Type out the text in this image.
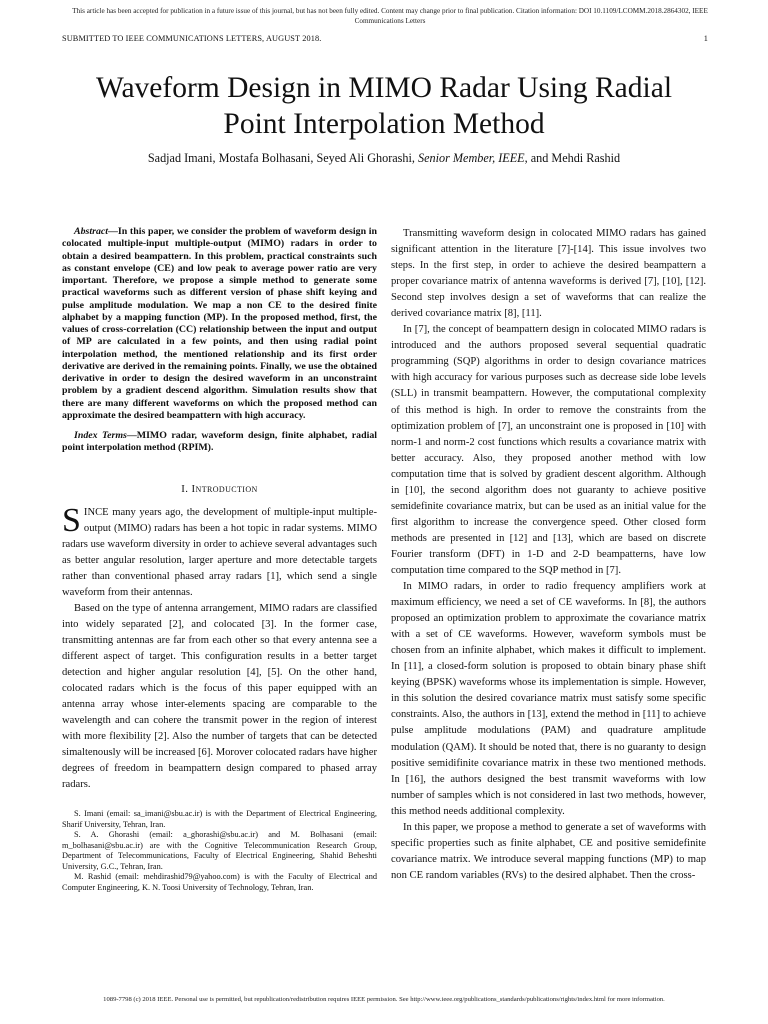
This article has been accepted for publication in a future issue of this journal, but has not been fully edited. Content may change prior to final publication. Citation information: DOI 10.1109/LCOMM.2018.2864302, IEEE
Communications Letters
SUBMITTED TO IEEE COMMUNICATIONS LETTERS, AUGUST 2018.	1
Waveform Design in MIMO Radar Using Radial
Point Interpolation Method
Sadjad Imani, Mostafa Bolhasani, Seyed Ali Ghorashi, Senior Member, IEEE, and Mehdi Rashid

Abstract—In this paper, we consider the problem of waveform design in colocated multiple-input multiple-output (MIMO) radars in order to obtain a desired beampattern. In this problem, practical constraints such as constant envelope (CE) and low peak to average power ratio are very important. Therefore, we propose a simple method to generate some practical waveforms such as different version of phase shift keying and pulse amplitude modulation. We map a non CE to the desired finite alphabet by a mapping function (MP). In the proposed method, first, the values of cross-correlation (CC) relationship between the input and output of MP are calculated in a few points, and then using radial point interpolation method, the mentioned relationship and its first order derivative are derived in the remaining points. Finally, we use the obtained derivative in order to design the desired waveform in an unconstraint problem by a gradient descend algorithm. Simulation results show that there are many different waveforms on which the proposed method can approximate the desired beampattern with high accuracy.

Index Terms—MIMO radar, waveform design, finite alphabet, radial point interpolation method (RPIM).

I. Introduction

SINCE many years ago, the development of multiple-input multiple-output (MIMO) radars has been a hot topic in radar systems. MIMO radars use waveform diversity in order to achieve several advantages such as better angular resolution, larger aperture and more detectable targets rather than conventional phased array radars [1], which send a single waveform from their antennas.

Based on the type of antenna arrangement, MIMO radars are classified into widely separated [2], and colocated [3]. In the former case, transmitting antennas are far from each other so that every antenna see a different aspect of target. This configuration results in a better target detection and higher angular resolution [4], [5]. On the other hand, colocated radars which is the focus of this paper equipped with an antenna array whose inter-elements spacing are comparable to the wavelength and can cohere the transmit power in the region of interest with more flexibility [2]. Also the number of targets that can be detected simaltenously will be increased [6]. Morover colocated radars have higher degrees of freedom in beampattern design compared to phased array radars.

S. Imani (email: sa_imani@sbu.ac.ir) is with the Department of Electrical Engineering, Sharif University, Tehran, Iran.

S. A. Ghorashi (email: a_ghorashi@sbu.ac.ir) and M. Bolhasani (email: m_bolhasani@sbu.ac.ir) are with the Cognitive Telecommunication Research Group, Department of Telecommunications, Faculty of Electrical Engineering, Shahid Beheshti University, G.C., Tehran, Iran.

M. Rashid (email: mehdirashid79@yahoo.com) is with the Faculty of Electrical and Computer Engineering, K. N. Toosi University of Technology, Tehran, Iran.

Transmitting waveform design in colocated MIMO radars has gained significant attention in the literature [7]-[14]. This issue involves two steps. In the first step, in order to achieve the desired beampattern a proper covariance matrix of antenna waveforms is derived [7], [10], [12]. Second step involves design a set of waveforms that can realize the derived covariance matrix [8], [11].

In [7], the concept of beampattern design in colocated MIMO radars is introduced and the authors proposed several sequential quadratic programming (SQP) algorithms in order to design covariance matrices with high accuracy for various purposes such as decrease side lobe levels (SLL) in transmit beampattern. However, the computational complexity of this method is high. In order to remove the constraints from the optimization problem of [7], an unconstraint one is proposed in [10] with norm-1 and norm-2 cost functions which results a covariance matrix with better accuracy. Also, they proposed another method with low computation time that is solved by gradient descent algorithm. Although in [10], the second algorithm does not guaranty to achieve positive semidefinite covariance matrix, but can be used as an initial value for the first algorithm to increase the convergence speed. Other closed form methods are presented in [12] and [13], which are based on discrete Fourier transform (DFT) in 1-D and 2-D beampatterns, have low computation time compared to the SQP method in [7].

In MIMO radars, in order to radio frequency amplifiers work at maximum efficiency, we need a set of CE waveforms. In [8], the authors proposed an optimization problem to approximate the covariance matrix with a set of CE waveforms. However, waveform symbols must be chosen from an infinite alphabet, which makes it difficult to implement. In [11], a closed-form solution is proposed to obtain binary phase shift keying (BPSK) waveforms whose its implementation is simple. However, in this solution the desired covariance matrix must satisfy some specific constraints. Also, the authors in [13], extend the method in [11] to achieve pulse amplitude modulations (PAM) and quadrature amplitude modulation (QAM). It should be noted that, there is no guaranty to design positive semidifinite covariance matrix in these two mentioned methods. In [16], the authors designed the best transmit waveforms with low number of samples which is not considered in last two methods, however, this method needs additional complexity.

In this paper, we propose a method to generate a set of waveforms with specific properties such as finite alphabet, CE and positive semidefinite covariance matrix. We introduce several mapping functions (MP) to map non CE random variables (RVs) to the desired alphabet. Then the cross-

1089-7798 (c) 2018 IEEE. Personal use is permitted, but republication/redistribution requires IEEE permission. See http://www.ieee.org/publications_standards/publications/rights/index.html for more information.
